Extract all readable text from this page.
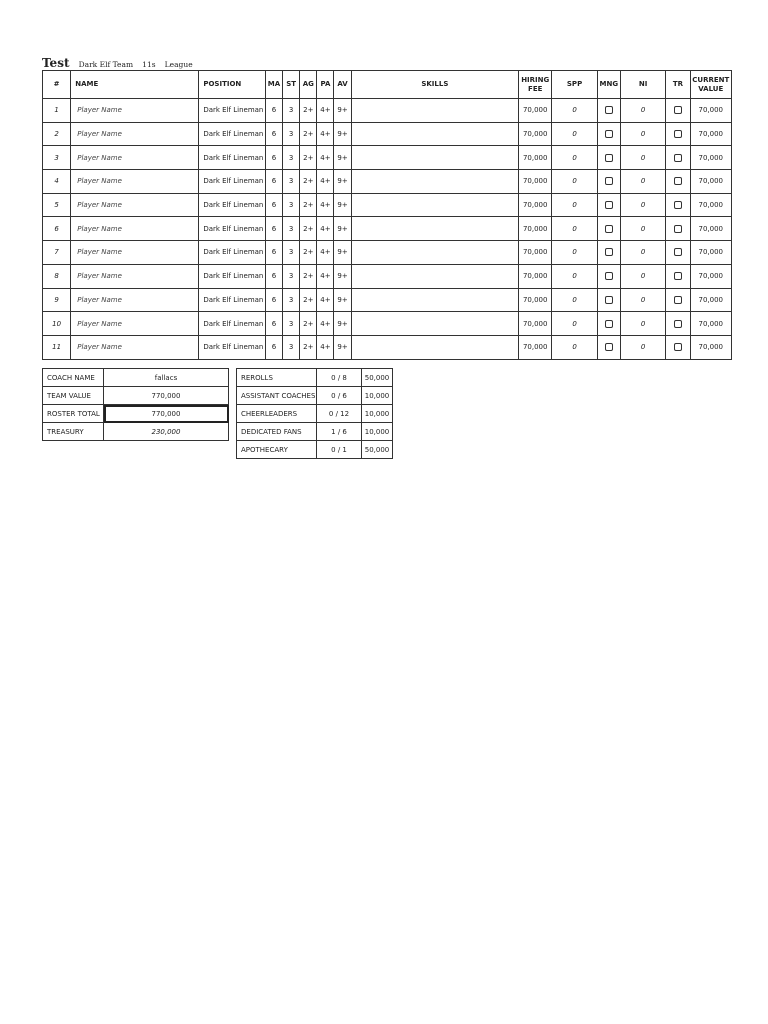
Test Dark Elf Team 11s League
#	NAME	POSITION	MA	ST	AG	PA	AV	SKILLS	HIRING
FEE	SPP	MNG	NI	TR	CURRENT
VALUE
1	Player Name	Dark Elf Lineman	6	3	2+	4+	9+		70,000	0		0		70,000
2	Player Name	Dark Elf Lineman	6	3	2+	4+	9+		70,000	0		0		70,000
3	Player Name	Dark Elf Lineman	6	3	2+	4+	9+		70,000	0		0		70,000
4	Player Name	Dark Elf Lineman	6	3	2+	4+	9+		70,000	0		0		70,000
5	Player Name	Dark Elf Lineman	6	3	2+	4+	9+		70,000	0		0		70,000
6	Player Name	Dark Elf Lineman	6	3	2+	4+	9+		70,000	0		0		70,000
7	Player Name	Dark Elf Lineman	6	3	2+	4+	9+		70,000	0		0		70,000
8	Player Name	Dark Elf Lineman	6	3	2+	4+	9+		70,000	0		0		70,000
9	Player Name	Dark Elf Lineman	6	3	2+	4+	9+		70,000	0		0		70,000
10	Player Name	Dark Elf Lineman	6	3	2+	4+	9+		70,000	0		0		70,000
11	Player Name	Dark Elf Lineman	6	3	2+	4+	9+		70,000	0		0		70,000
COACH NAME	fallacs
TEAM VALUE	770,000
ROSTER TOTAL	770,000
TREASURY	230,000
REROLLS	0 / 8	50,000
ASSISTANT COACHES	0 / 6	10,000
CHEERLEADERS	0 / 12	10,000
DEDICATED FANS	1 / 6	10,000
APOTHECARY	0 / 1	50,000
